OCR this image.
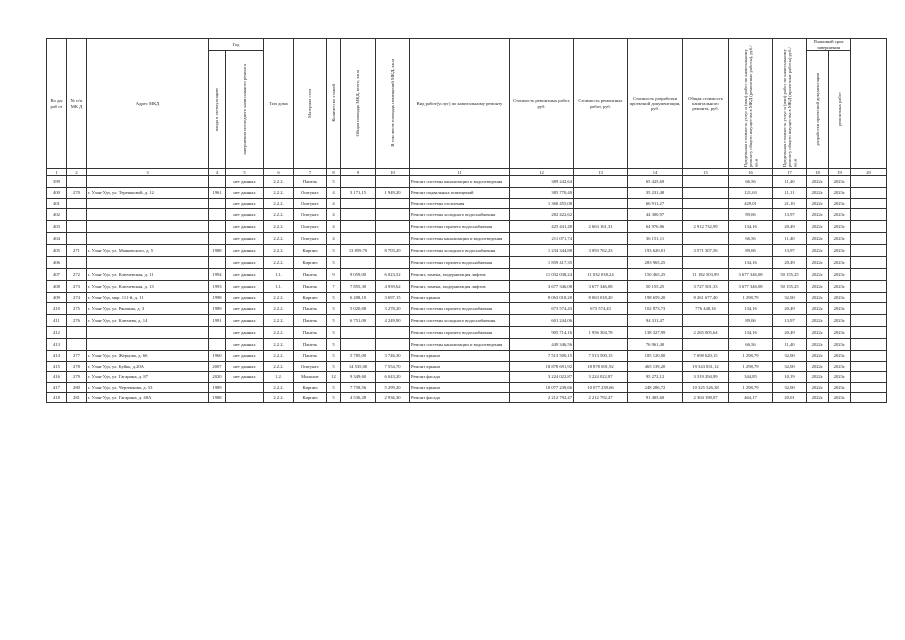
Во ды раб от	№ п/п МК Д	Адрес МКД	Год		Тип дома	Материал стен	Количество этажей	Общая площадь МКД, всего, кв.м	В том числе площадь помещений МКД, кв.м	Вид работ(услуг) по капитальному ремонту	Стоимость ремонтных работ, руб.	Стоимость ремонтных работ, руб.	Стоимость разработки проектной документации, руб.	Общая стоимость капитального ремонта, руб.	Предельная стоимость услуг и (или) работ по капитальному ремонту общего имущества в МКД (ремонтные работы), руб./кв.м	Предельная стоимость услуг и (или) работ по капитальному ремонту общего имущества в МКД (проектные работы) руб./кв.м	Плановый срок завершения		
			ввода в эксплуатацию	завершения последнего капитального ремонта													разработки проектной документации	ремонтных работ	
1	2	3	4	5	6	7	8	9	10	11	12	13	14	15	16	17	18	19	20
399				нет данных	2.2.2.	Панель	5			Ремонт системы канализации и водоотведения	389 242,64		65 425,69		66,56	11,40	2022г.	2023г.	
400	270	г. Улан-Удэ, ул. Терешковой, д. 12	1961	нет данных	2.2.2.	Оштукат.	4	3 171,15	1 949,20	Ремонт подвальных помещений	385 770,40		35 231,48		121,63	11,11	2022г.	2023г.	
401				нет данных	2.2.2.	Оштукат.	4			Ремонт системы отопления	1 360 455,08		66 911,27		429,01	21,10	2022г.	2023г.	
402				нет данных	2.2.2.	Оштукат.	4			Ремонт системы холодного водоснабжения	282 422,62		44 300,97		89,06	13,97	2022г.	2023г.	
403				нет данных	2.2.2.	Оштукат.	4			Ремонт системы горячего водоснабжения	425 441,48	2 663 161,31	64 976,86	2 912 732,99	134,16	20,49	2022г.	2023г.	
404				нет данных	2.2.2.	Оштукат.	4			Ремонт системы канализации и водоотведения	211 071,74		36 151,11		66,56	11,40	2022г.	2023г.	
405	271	г. Улан-Удэ, ул. Маяковского, д. 5	1988	нет данных	2.2.2.	Кирпич	5	13 859,70	8 703,20	Ремонт системы холодного водоснабжения	1 234 344,88	3 093 762,23	193 620,01	3 571 307,56	89,06	13,97	2022г.	2023г.	
406				нет данных	2.2.2.	Кирпич	5			Ремонт системы горячего водоснабжения	1 859 417,35		283 965,25		134,16	20,49	2022г.	2023г.	
407	272	г. Улан-Удэ, ул. Ключевская, д. 11	1994	нет данных	1.1.	Панель	9	9 059,00	6 023,52	Ремонт, замена, модернизация лифтов	11 032 038,24	11 032 038,24	150 465,25	11 182 503,99	3 677 346,08	50 155,25	2022г.	2023г.	
408	273	г. Улан-Удэ, ул. Ключевская, д. 13	1993	нет данных	1.1.	Панель	7	7 855,30	4 939,62	Ремонт, замена, модернизация лифтов	3 677 346,08	3 677 346,08	50 155,25	3 727 501,33	3 677 346,08	50 155,25	2022г.	2023г.	
409	274	г. Улан-Удэ, мкр. 111-й, д. 11	1998	нет данных	2.2.2.	Кирпич	5	6 208,10	3 697,15	Ремонт крыши	8 063 018,20	8 063 018,20	198 659,20	8 261 677,40	1 298,79	32,00	2022г.	2023г.	
410	275	г. Улан-Удэ, ул. Рянчина, д. 3	1989	нет данных	2.2.2.	Панель	5	5 020,68	3 278,20	Ремонт системы горячего водоснабжения	673 574,43	673 574,43	102 873,73	776 448,16	134,16	20,49	2022г.	2023г.	
411	276	г. Улан-Удэ, ул. Ключева, д. 14	1991	нет данных	2.2.2.	Панель	5	6 751,00	4 249,90	Ремонт системы холодного водоснабжения	601 244,06		94 311,47		89,06	13,97	2022г.	2023г.	
412				нет данных	2.2.2.	Панель	5			Ремонт системы горячего водоснабжения	905 714,16	1 956 304,78	138 327,99	2 265 005,64	134,16	20,49	2022г.	2023г.	
413				нет данных	2.2.2.	Панель	5			Ремонт системы канализации и водоотведения	449 346,56		76 961,40		66,56	11,40	2022г.	2023г.	
414	277	г. Улан-Удэ, ул. Жерцова, д. 66	1960	нет данных	2.2.2.	Панель	5	5 785,00	3 746,30	Ремонт крыши	7 513 500,15	7 513 500,15	185 120,00	7 698 620,15	1 298,79	32,00	2022г.	2023г.	
415	278	г. Улан-Удэ, ул. Буйко, д.20А	2007	нет данных	2.2.2.	Оштукат.	5	14 535,00	7 554,70	Ремонт крыши	18 878 691,92	18 878 691,92	465 139,20	19 343 831,12	1 298,79	32,00	2022г.	2023г.	
416	279	г. Улан-Удэ, ул. Гагарина, д. 87	2020	нет данных	1.2.	Монолит	12	9 349,60	6 043,20	Ремонт фасада	3 224 022,87	3 224 022,87	95 272,12	3 319 294,99	344,85	10,19	2022г.	2023г.	
417	280	г. Улан-Удэ, ул. Чертенкова, д. 53	1989		2.2.2.	Кирпич	5	7 758,56	5 299,20	Ремонт крыши	10 077 239,66	10 077 239,66	248 286,72	10 325 526,38	1 298,79	32,00	2022г.	2023г.	
418	281	г. Улан-Удэ, ул. Гагарина, д. 48А	1988		2.2.2.	Кирпич	5	4 536,28	2 936,30	Ремонт фасада	2 212 792,47	2 212 792,47	91 405,60	2 304 198,07	464,17	20,01	2022г.	2023г.	
